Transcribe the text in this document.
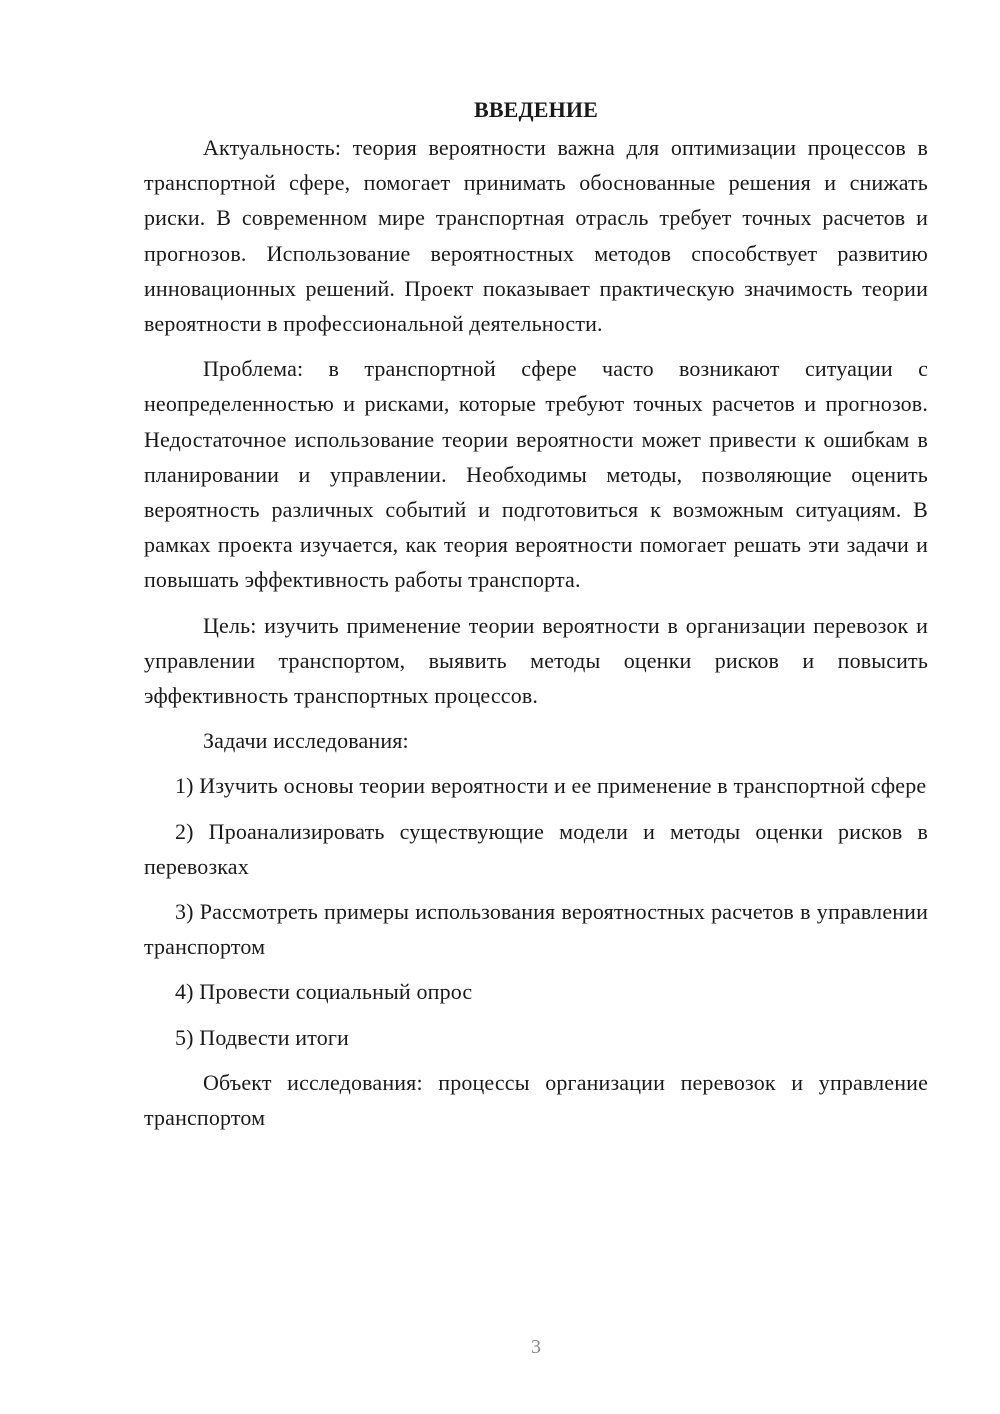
ВВЕДЕНИЕ

Актуальность: теория вероятности важна для оптимизации процессов в транспортной сфере, помогает принимать обоснованные решения и снижать риски. В современном мире транспортная отрасль требует точных расчетов и прогнозов. Использование вероятностных методов способствует развитию инновационных решений. Проект показывает практическую значимость теории вероятности в профессиональной деятельности.

Проблема: в транспортной сфере часто возникают ситуации с неопределенностью и рисками, которые требуют точных расчетов и прогнозов. Недостаточное использование теории вероятности может привести к ошибкам в планировании и управлении. Необходимы методы, позволяющие оценить вероятность различных событий и подготовиться к возможным ситуациям. В рамках проекта изучается, как теория вероятности помогает решать эти задачи и повышать эффективность работы транспорта.

Цель: изучить применение теории вероятности в организации перевозок и управлении транспортом, выявить методы оценки рисков и повысить эффективность транспортных процессов.

Задачи исследования:

1) Изучить основы теории вероятности и ее применение в транспортной сфере

2) Проанализировать существующие модели и методы оценки рисков в перевозках

3) Рассмотреть примеры использования вероятностных расчетов в управлении транспортом

4) Провести социальный опрос

5) Подвести итоги

Объект исследования: процессы организации перевозок и управление транспортом

3
